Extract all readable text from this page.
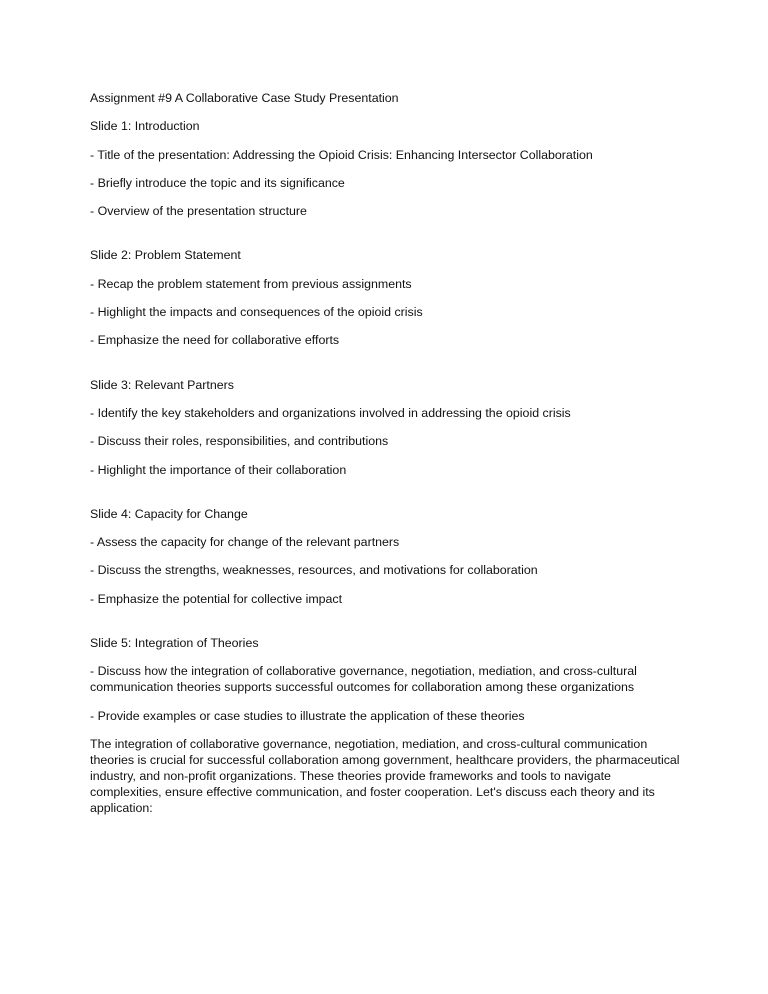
Assignment #9 A Collaborative Case Study Presentation

Slide 1: Introduction

- Title of the presentation: Addressing the Opioid Crisis: Enhancing Intersector Collaboration

- Briefly introduce the topic and its significance

- Overview of the presentation structure

Slide 2: Problem Statement

- Recap the problem statement from previous assignments

- Highlight the impacts and consequences of the opioid crisis

- Emphasize the need for collaborative efforts

Slide 3: Relevant Partners

- Identify the key stakeholders and organizations involved in addressing the opioid crisis

- Discuss their roles, responsibilities, and contributions

- Highlight the importance of their collaboration

Slide 4: Capacity for Change

- Assess the capacity for change of the relevant partners

- Discuss the strengths, weaknesses, resources, and motivations for collaboration

- Emphasize the potential for collective impact

Slide 5: Integration of Theories

- Discuss how the integration of collaborative governance, negotiation, mediation, and cross-cultural communication theories supports successful outcomes for collaboration among these organizations

- Provide examples or case studies to illustrate the application of these theories

The integration of collaborative governance, negotiation, mediation, and cross-cultural communication theories is crucial for successful collaboration among government, healthcare providers, the pharmaceutical industry, and non-profit organizations. These theories provide frameworks and tools to navigate complexities, ensure effective communication, and foster cooperation. Let's discuss each theory and its application:
